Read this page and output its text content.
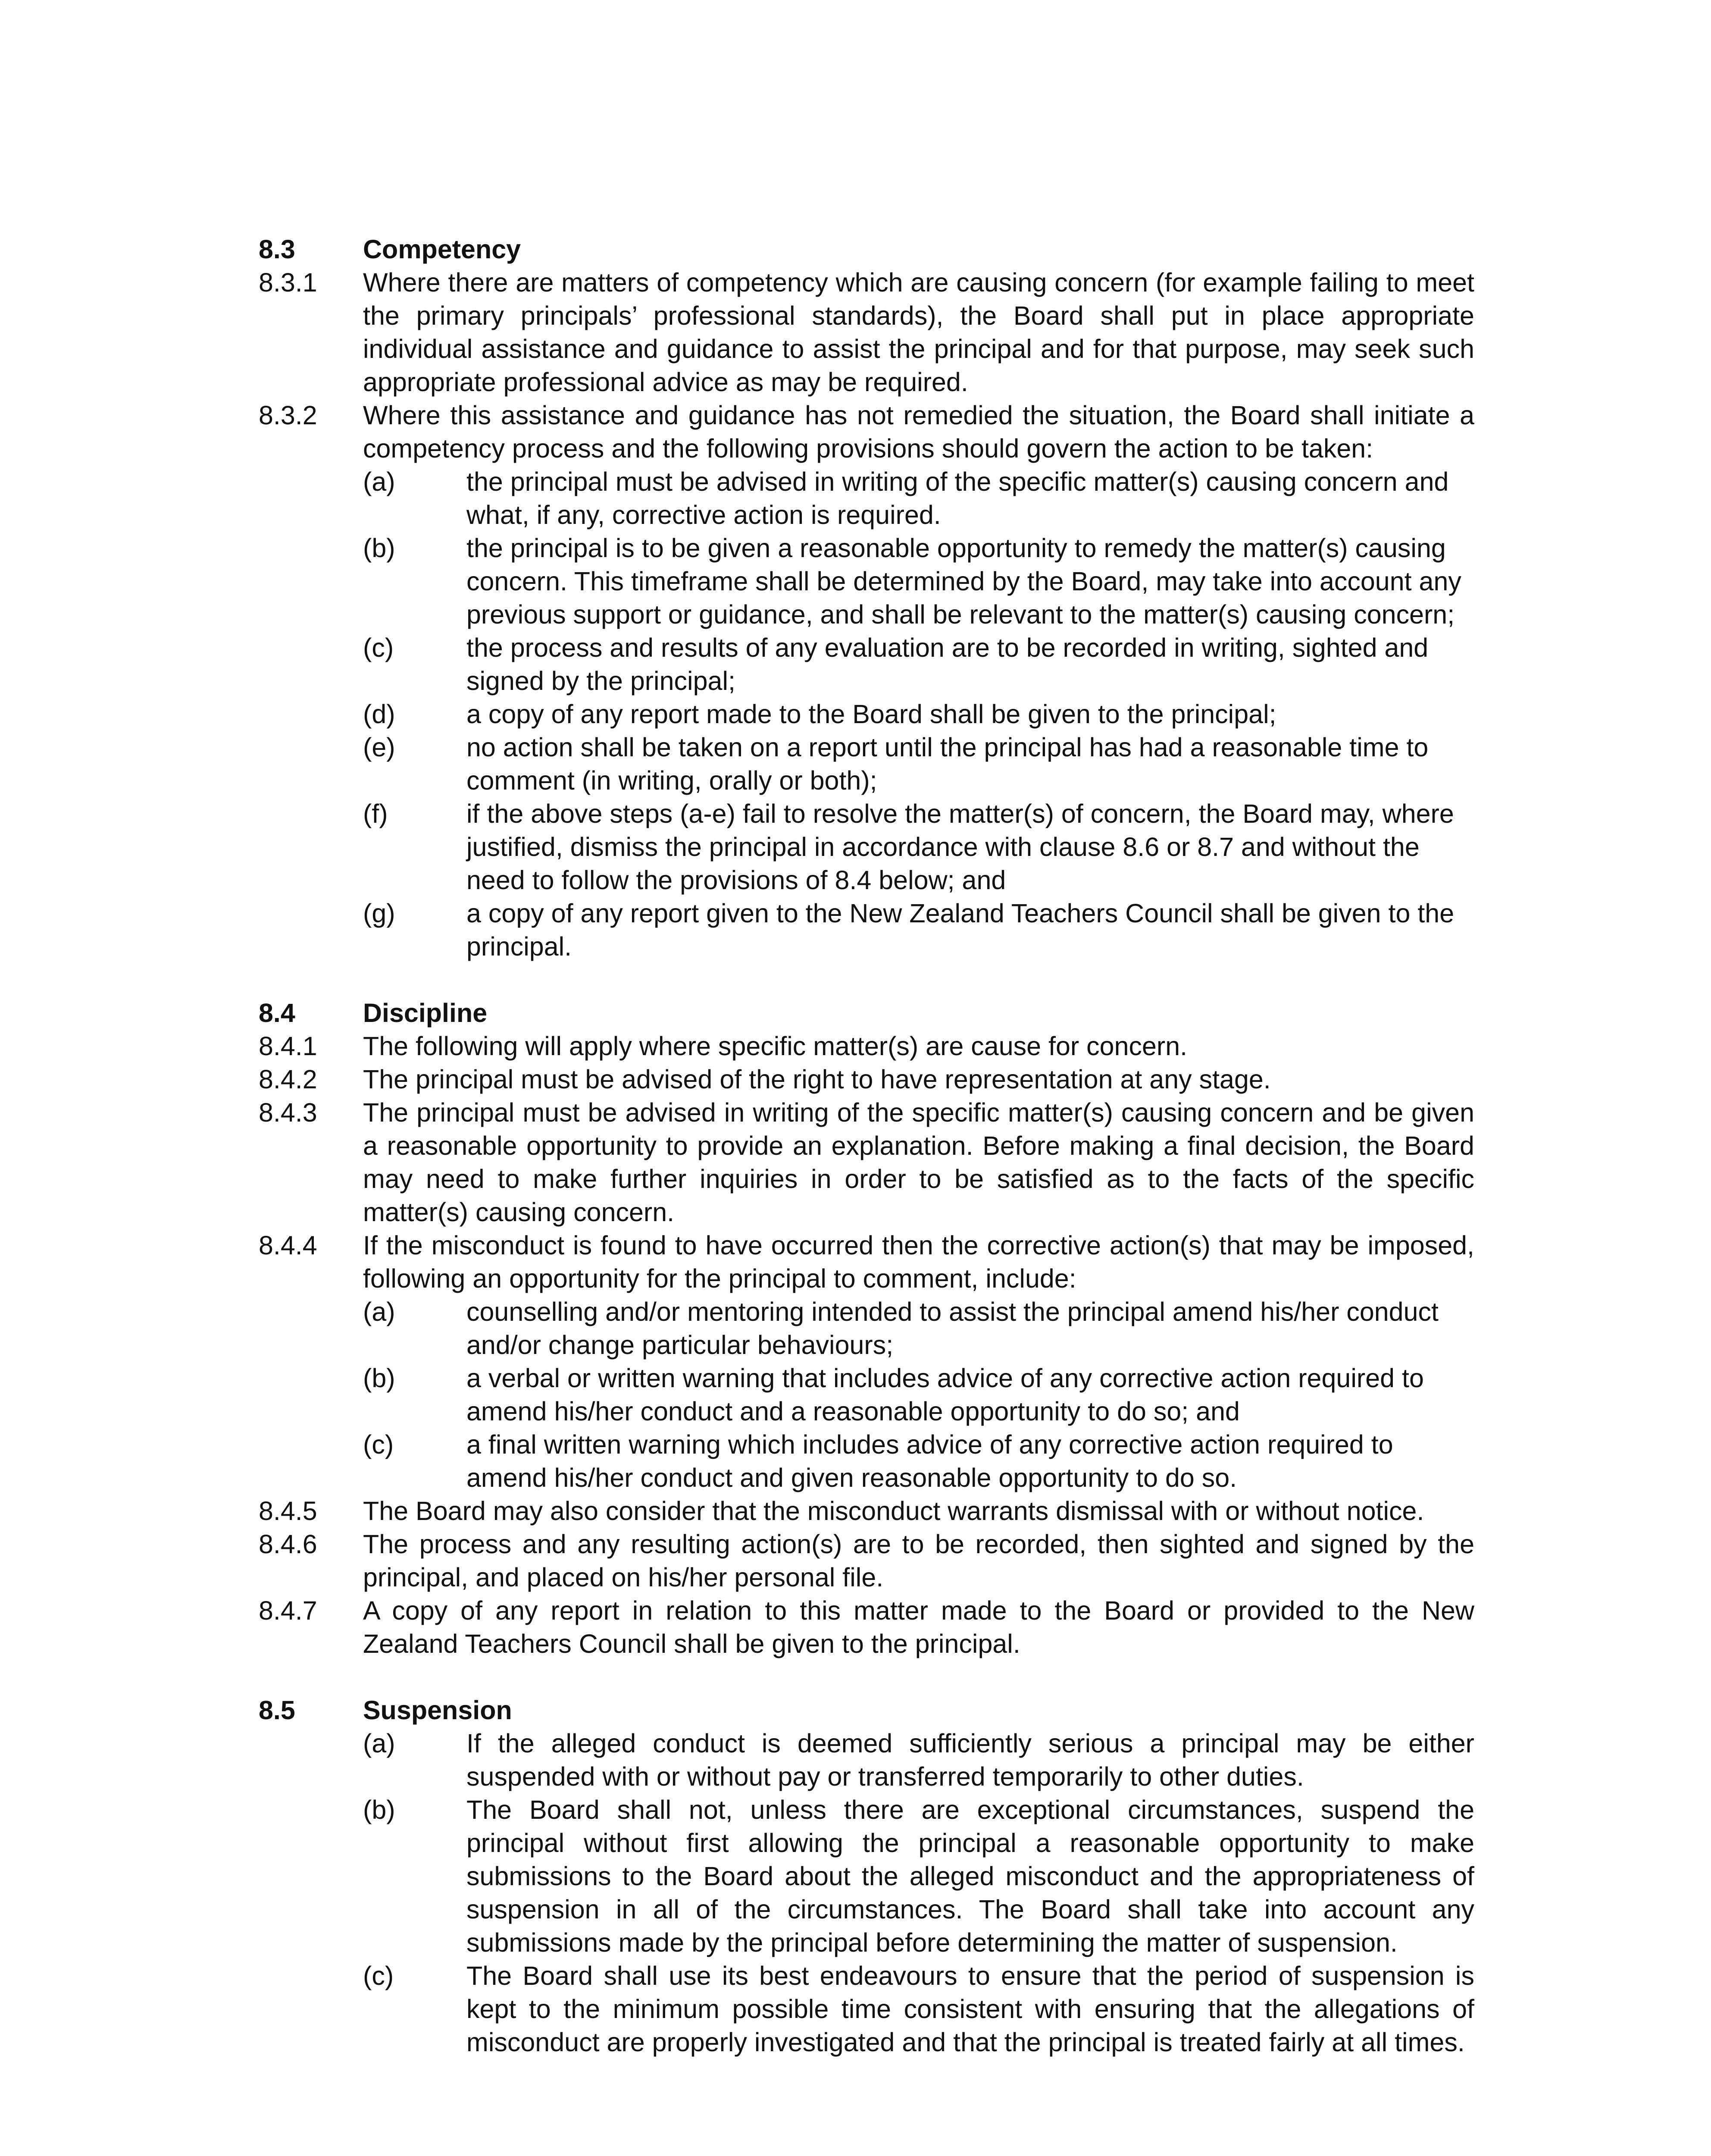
8.3	Competency
8.3.1	Where there are matters of competency which are causing concern (for example failing to meet the primary principals’ professional standards), the Board shall put in place appropriate individual assistance and guidance to assist the principal and for that purpose, may seek such appropriate professional advice as may be required.
8.3.2	Where this assistance and guidance has not remedied the situation, the Board shall initiate a competency process and the following provisions should govern the action to be taken:
(a)	the principal must be advised in writing of the specific matter(s) causing concern and what, if any, corrective action is required.
(b)	the principal is to be given a reasonable opportunity to remedy the matter(s) causing concern. This timeframe shall be determined by the Board, may take into account any previous support or guidance, and shall be relevant to the matter(s) causing concern;
(c)	the process and results of any evaluation are to be recorded in writing, sighted and signed by the principal;
(d)	a copy of any report made to the Board shall be given to the principal;
(e)	no action shall be taken on a report until the principal has had a reasonable time to comment (in writing, orally or both);
(f)	if the above steps (a-e) fail to resolve the matter(s) of concern, the Board may, where justified, dismiss the principal in accordance with clause 8.6 or 8.7 and without the need to follow the provisions of 8.4 below; and
(g)	a copy of any report given to the New Zealand Teachers Council shall be given to the principal.
8.4	Discipline
8.4.1	The following will apply where specific matter(s) are cause for concern.
8.4.2	The principal must be advised of the right to have representation at any stage.
8.4.3	The principal must be advised in writing of the specific matter(s) causing concern and be given a reasonable opportunity to provide an explanation. Before making a final decision, the Board may need to make further inquiries in order to be satisfied as to the facts of the specific matter(s) causing concern.
8.4.4	If the misconduct is found to have occurred then the corrective action(s) that may be imposed, following an opportunity for the principal to comment, include:
(a)	counselling and/or mentoring intended to assist the principal amend his/her conduct and/or change particular behaviours;
(b)	a verbal or written warning that includes advice of any corrective action required to amend his/her conduct and a reasonable opportunity to do so; and
(c)	a final written warning which includes advice of any corrective action required to amend his/her conduct and given reasonable opportunity to do so.
8.4.5	The Board may also consider that the misconduct warrants dismissal with or without notice.
8.4.6	The process and any resulting action(s) are to be recorded, then sighted and signed by the principal, and placed on his/her personal file.
8.4.7	A copy of any report in relation to this matter made to the Board or provided to the New Zealand Teachers Council shall be given to the principal.
8.5	Suspension
(a)	If the alleged conduct is deemed sufficiently serious a principal may be either suspended with or without pay or transferred temporarily to other duties.
(b)	The Board shall not, unless there are exceptional circumstances, suspend the principal without first allowing the principal a reasonable opportunity to make submissions to the Board about the alleged misconduct and the appropriateness of suspension in all of the circumstances. The Board shall take into account any submissions made by the principal before determining the matter of suspension.
(c)	The Board shall use its best endeavours to ensure that the period of suspension is kept to the minimum possible time consistent with ensuring that the allegations of misconduct are properly investigated and that the principal is treated fairly at all times.
